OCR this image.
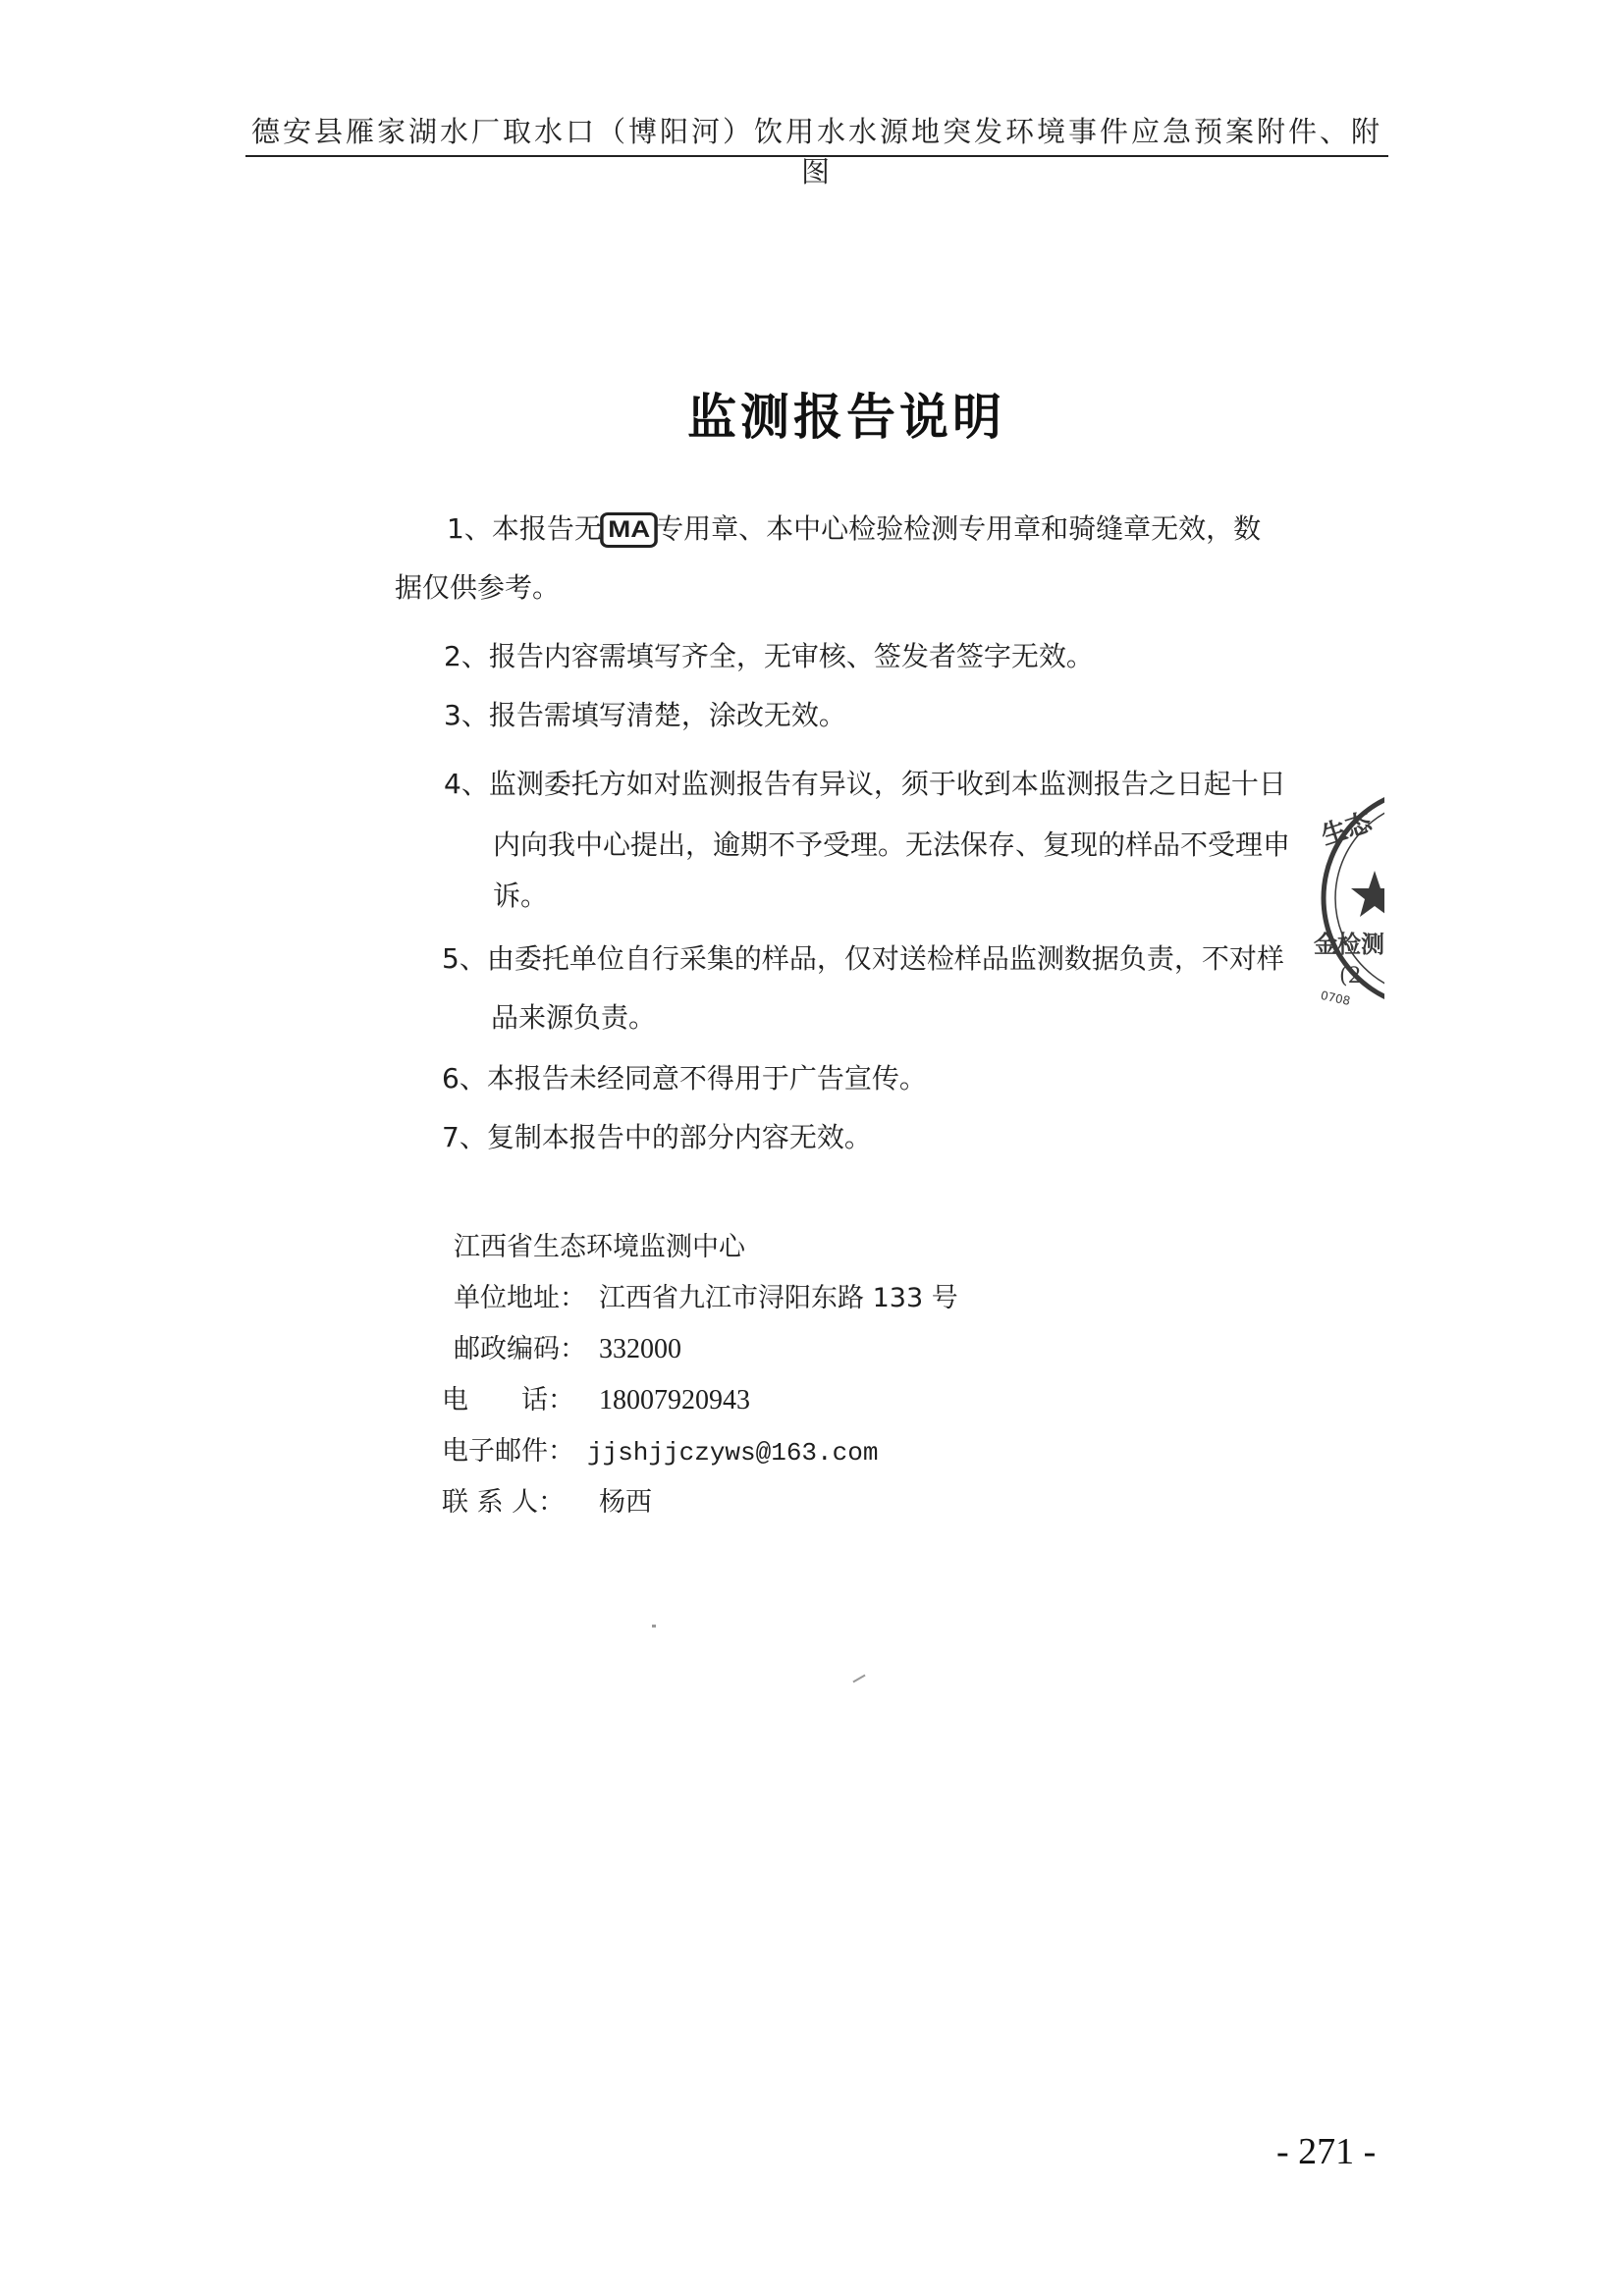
德安县雁家湖水厂取水口（博阳河）饮用水水源地突发环境事件应急预案附件、附图
监测报告说明
1、本报告无 MA 专用章、本中心检验检测专用章和骑缝章无效，数
据仅供参考。
2、报告内容需填写齐全，无审核、签发者签字无效。
3、报告需填写清楚，涂改无效。
4、监测委托方如对监测报告有异议，须于收到本监测报告之日起十日
内向我中心提出，逾期不予受理。无法保存、复现的样品不受理申
诉。
5、由委托单位自行采集的样品，仅对送检样品监测数据负责，不对样
品来源负责。
6、本报告未经同意不得用于广告宣传。
7、复制本报告中的部分内容无效。
江西省生态环境监测中心
单位地址： 江西省九江市浔阳东路 133 号
邮政编码： 332000
电　　话： 18007920943
电子邮件： jjshjjczyws@163.com
联 系 人： 杨西
生态
金检测
(2
0708
- 271 -
